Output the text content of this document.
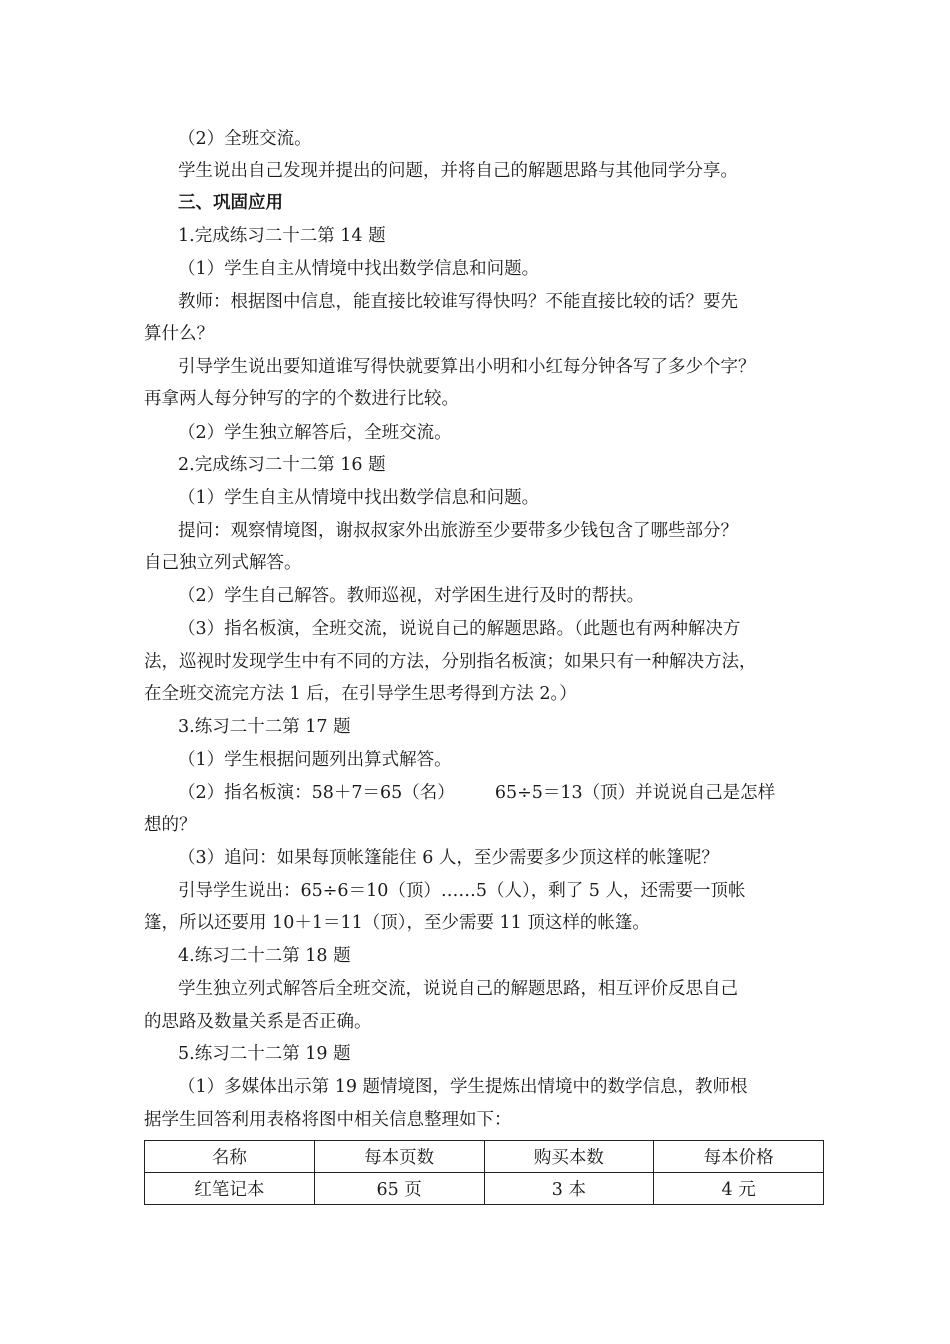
（2）全班交流。
学生说出自己发现并提出的问题，并将自己的解题思路与其他同学分享。
三、巩固应用
1.完成练习二十二第 14 题
（1）学生自主从情境中找出数学信息和问题。
教师：根据图中信息，能直接比较谁写得快吗？不能直接比较的话？要先
算什么？
引导学生说出要知道谁写得快就要算出小明和小红每分钟各写了多少个字？
再拿两人每分钟写的字的个数进行比较。
（2）学生独立解答后，全班交流。
2.完成练习二十二第 16 题
（1）学生自主从情境中找出数学信息和问题。
提问：观察情境图，谢叔叔家外出旅游至少要带多少钱包含了哪些部分？
自己独立列式解答。
（2）学生自己解答。教师巡视，对学困生进行及时的帮扶。
（3）指名板演，全班交流，说说自己的解题思路。（此题也有两种解决方
法，巡视时发现学生中有不同的方法，分别指名板演；如果只有一种解决方法，
在全班交流完方法 1 后，在引导学生思考得到方法 2。）
3.练习二十二第 17 题
（1）学生根据问题列出算式解答。
（2）指名板演：58＋7＝65（名） 65÷5＝13（顶）并说说自己是怎样
想的？
（3）追问：如果每顶帐篷能住 6 人，至少需要多少顶这样的帐篷呢？
引导学生说出：65÷6＝10（顶）……5（人），剩了 5 人，还需要一顶帐
篷，所以还要用 10＋1＝11（顶），至少需要 11 顶这样的帐篷。
4.练习二十二第 18 题
学生独立列式解答后全班交流，说说自己的解题思路，相互评价反思自己
的思路及数量关系是否正确。
5.练习二十二第 19 题
（1）多媒体出示第 19 题情境图，学生提炼出情境中的数学信息，教师根
据学生回答利用表格将图中相关信息整理如下：
名称	每本页数	购买本数	每本价格
红笔记本	65 页	3 本	4 元
